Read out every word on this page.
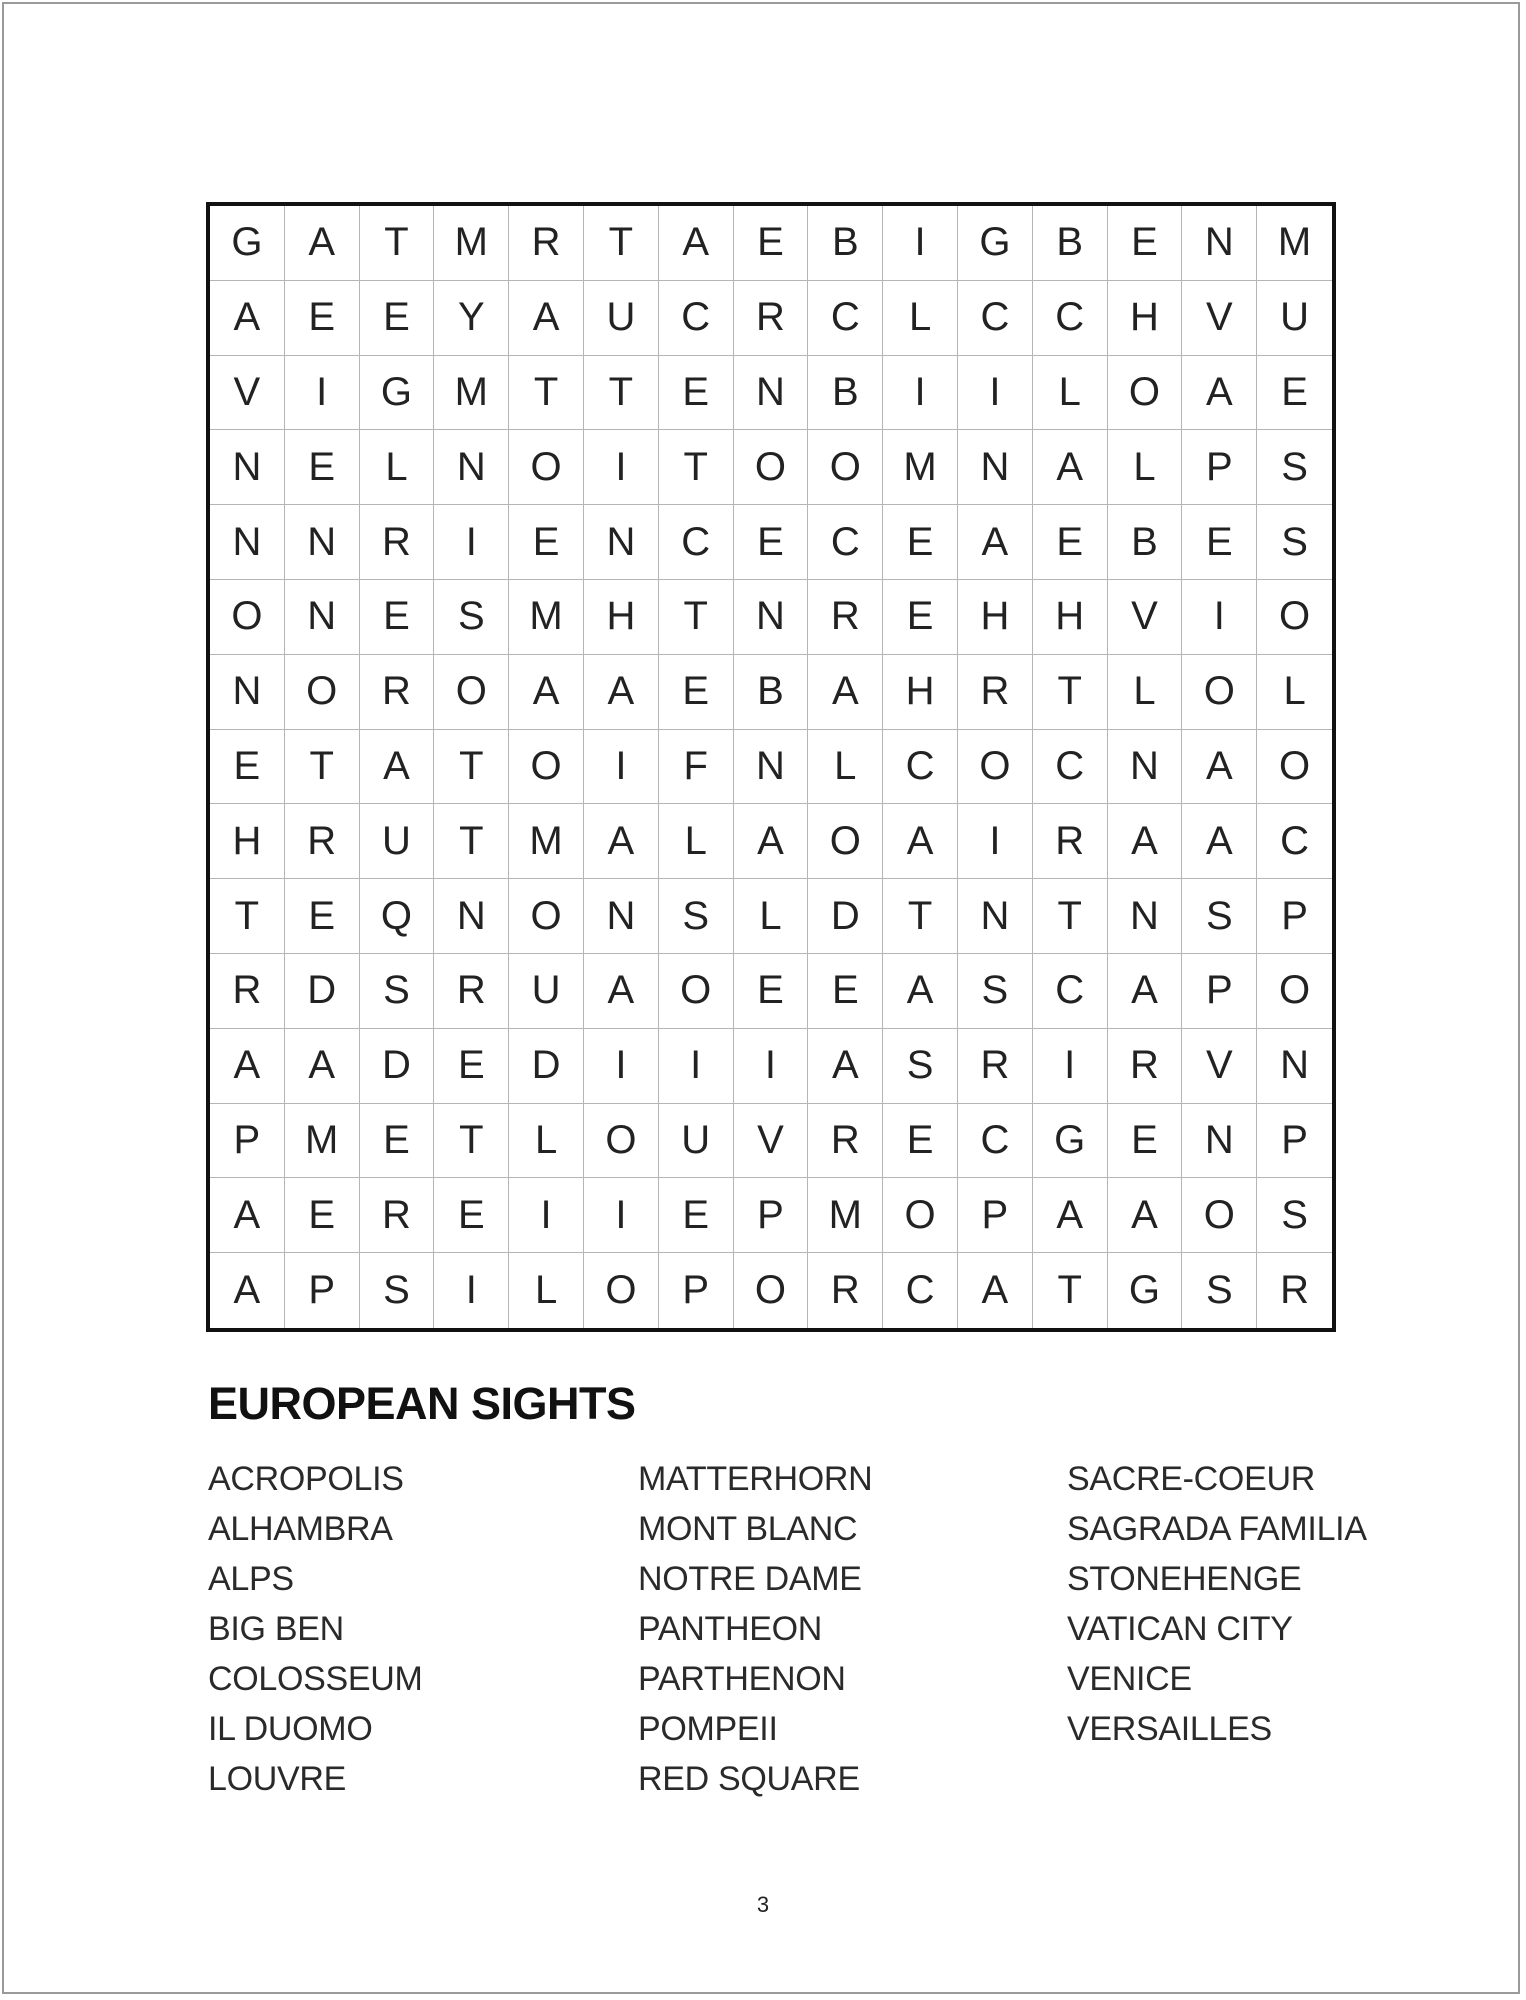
G	A	T	M	R	T	A	E	B	I	G	B	E	N	M
A	E	E	Y	A	U	C	R	C	L	C	C	H	V	U
V	I	G	M	T	T	E	N	B	I	I	L	O	A	E
N	E	L	N	O	I	T	O	O	M	N	A	L	P	S
N	N	R	I	E	N	C	E	C	E	A	E	B	E	S
O	N	E	S	M	H	T	N	R	E	H	H	V	I	O
N	O	R	O	A	A	E	B	A	H	R	T	L	O	L
E	T	A	T	O	I	F	N	L	C	O	C	N	A	O
H	R	U	T	M	A	L	A	O	A	I	R	A	A	C
T	E	Q	N	O	N	S	L	D	T	N	T	N	S	P
R	D	S	R	U	A	O	E	E	A	S	C	A	P	O
A	A	D	E	D	I	I	I	A	S	R	I	R	V	N
P	M	E	T	L	O	U	V	R	E	C	G	E	N	P
A	E	R	E	I	I	E	P	M	O	P	A	A	O	S
A	P	S	I	L	O	P	O	R	C	A	T	G	S	R
EUROPEAN SIGHTS
ACROPOLIS
ALHAMBRA
ALPS
BIG BEN
COLOSSEUM
IL DUOMO
LOUVRE
MATTERHORN
MONT BLANC
NOTRE DAME
PANTHEON
PARTHENON
POMPEII
RED SQUARE
SACRE-COEUR
SAGRADA FAMILIA
STONEHENGE
VATICAN CITY
VENICE
VERSAILLES
3
